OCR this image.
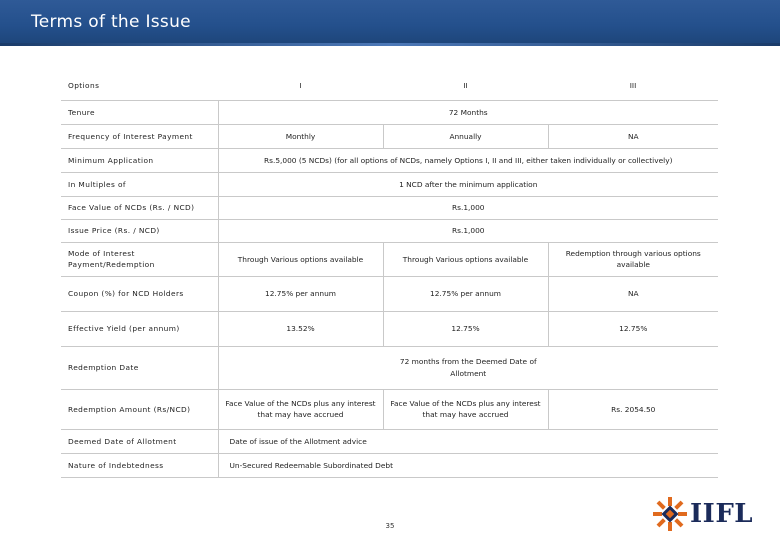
Terms of the Issue
Options	I	II	III
Tenure	72 Months		
Frequency of Interest Payment	Monthly	Annually	NA
Minimum Application	Rs.5,000 (5 NCDs) (for all options of NCDs, namely Options I, II and III, either taken individually or collectively)		
In Multiples of	1 NCD after the minimum application		
Face Value of NCDs (Rs. / NCD)	Rs.1,000		
Issue Price (Rs. / NCD)	Rs.1,000		
Mode of Interest Payment/Redemption	Through Various options available	Through Various options available	Redemption through various options available
Coupon (%) for NCD Holders	12.75% per annum	12.75% per annum	NA
Effective Yield (per annum)	13.52%	12.75%	12.75%
Redemption Date	72 months from the Deemed Date of Allotment		

Redemption Amount (Rs/NCD)	Face Value of the NCDs plus any interest that may have accrued	Face Value of the NCDs plus any interest that may have accrued	Rs. 2054.50
Deemed Date of Allotment	Date of issue of the Allotment advice		
Nature of Indebtedness	Un-Secured Redeemable Subordinated Debt		
35	IIFL
